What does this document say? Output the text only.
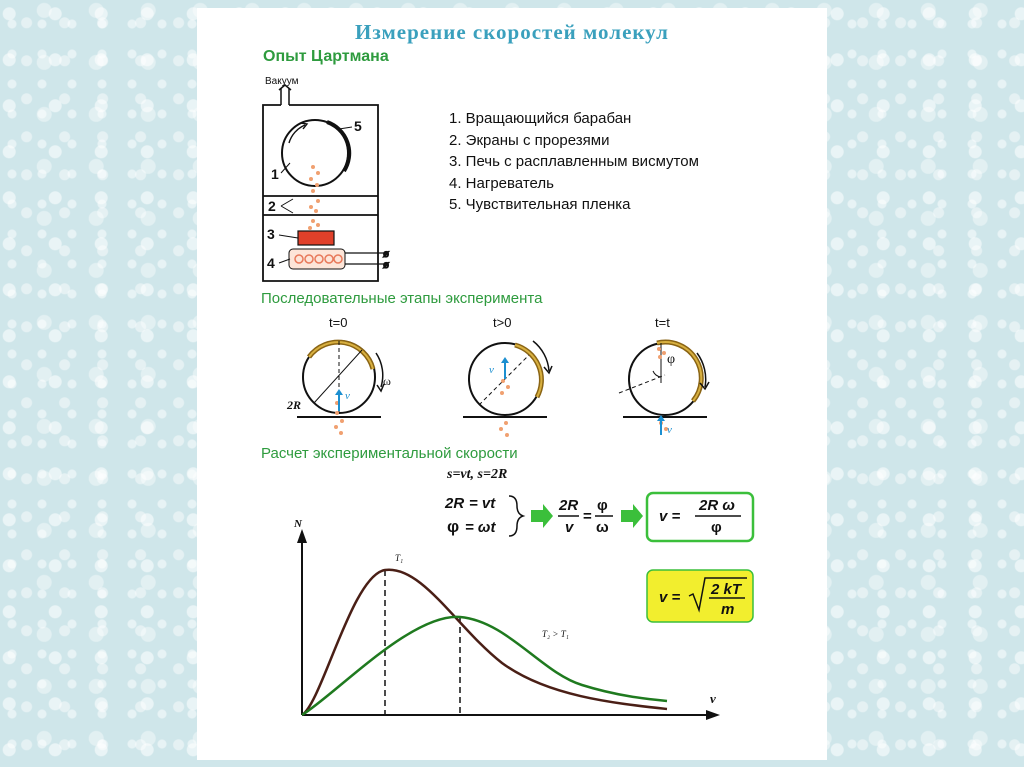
Измерение скоростей молекул
Опыт Цартмана
Вакуум
ø
ø
1
2
3
4
5	1. Вращающийся барабан
2. Экраны с прорезями
3. Печь с расплавленным висмутом
4. Нагреватель
5. Чувствительная пленка
Последовательные этапы эксперимента
t=0
ω
2R
v
t>0
v
t=t
φ
v
Расчет экспериментальной скорости
s=vt, s=2R
2R = vt
φ = ωt
2R
v
=
φ
ω
v =
2R ω
φ
v = 2 kT
m
N
v
T₁
T₂ > T₁
